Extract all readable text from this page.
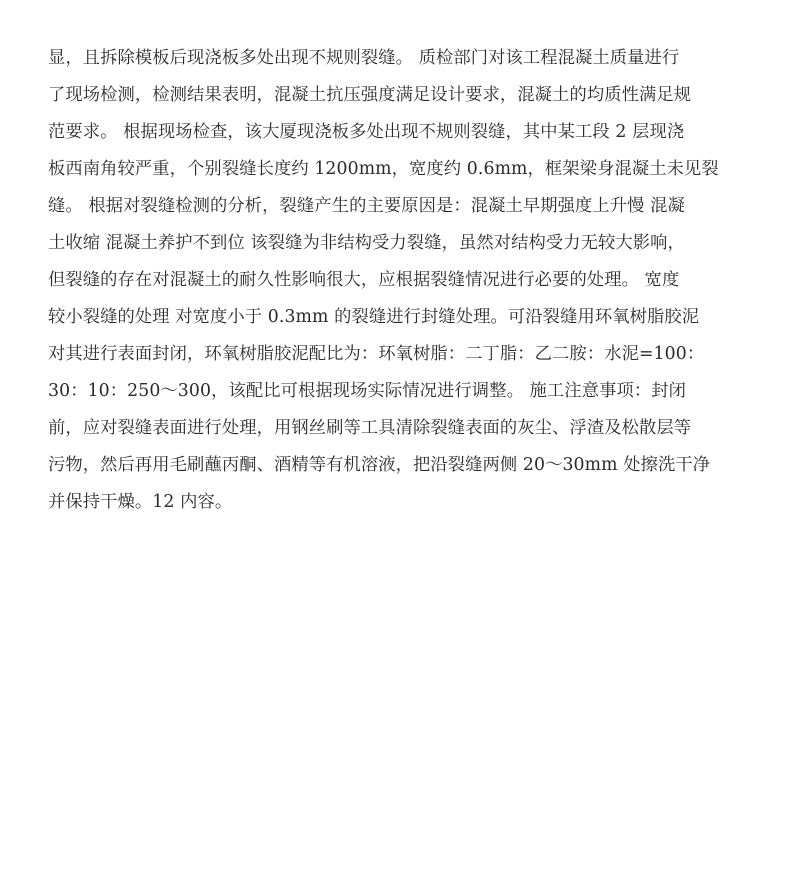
显，且拆除模板后现浇板多处出现不规则裂缝。 质检部门对该工程混凝土质量进行
了现场检测，检测结果表明，混凝土抗压强度满足设计要求，混凝土的均质性满足规
范要求。 根据现场检查，该大厦现浇板多处出现不规则裂缝，其中某工段 2 层现浇
板西南角较严重，个别裂缝长度约 1200mm，宽度约 0.6mm，框架梁身混凝土未见裂
缝。 根据对裂缝检测的分析，裂缝产生的主要原因是：混凝土早期强度上升慢 混凝
土收缩 混凝土养护不到位 该裂缝为非结构受力裂缝，虽然对结构受力无较大影响，
但裂缝的存在对混凝土的耐久性影响很大，应根据裂缝情况进行必要的处理。 宽度
较小裂缝的处理 对宽度小于 0.3mm 的裂缝进行封缝处理。可沿裂缝用环氧树脂胶泥
对其进行表面封闭，环氧树脂胶泥配比为：环氧树脂：二丁脂：乙二胺：水泥=100：
30：10：250～300，该配比可根据现场实际情况进行调整。 施工注意事项：封闭
前，应对裂缝表面进行处理，用钢丝刷等工具清除裂缝表面的灰尘、浮渣及松散层等
污物，然后再用毛刷蘸丙酮、酒精等有机溶液，把沿裂缝两侧 20～30mm 处擦洗干净
并保持干燥。12 内容。
